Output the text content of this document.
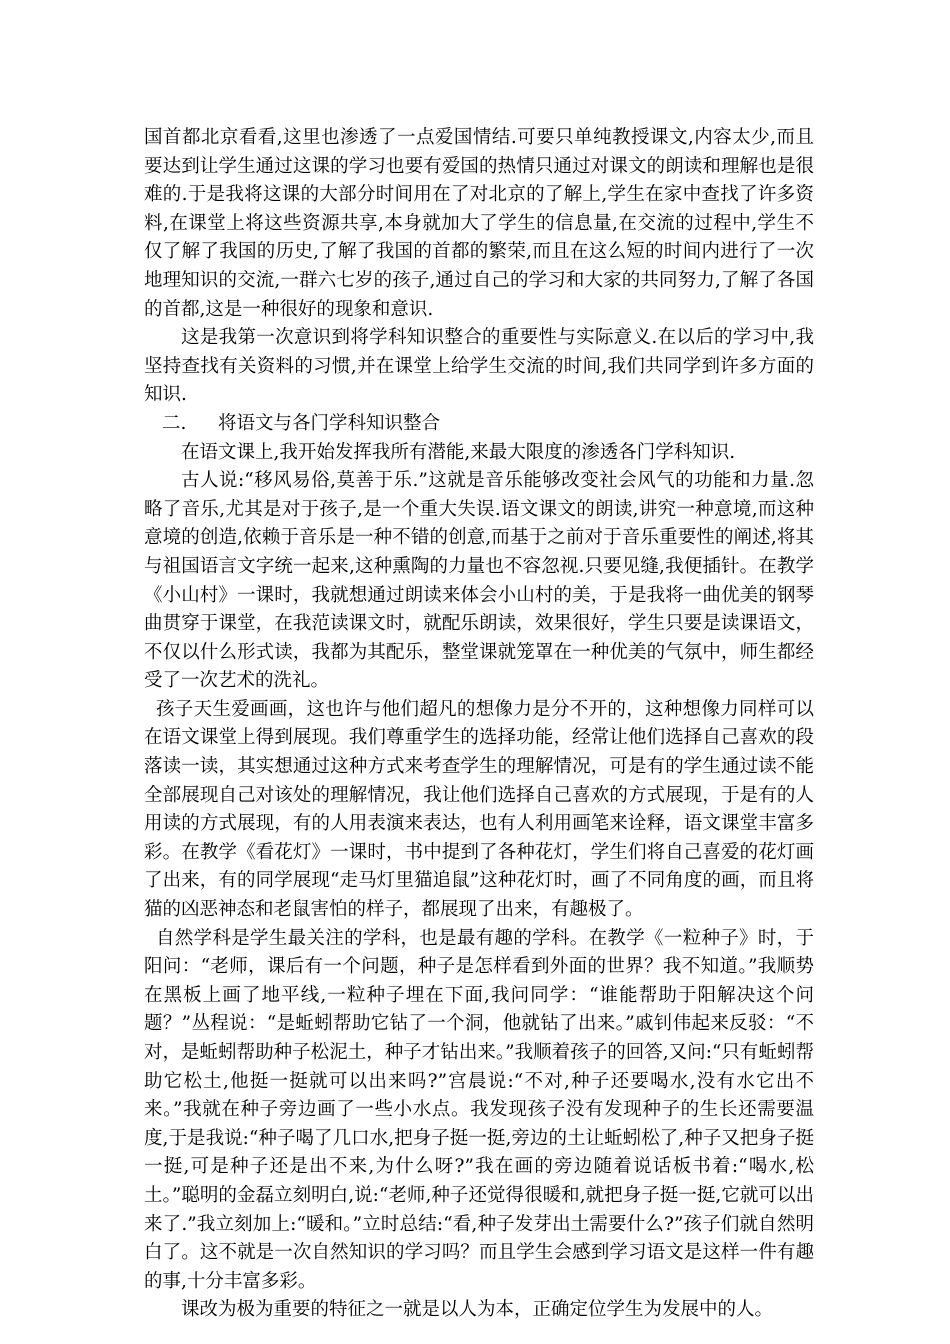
国首都北京看看,这里也渗透了一点爱国情结.可要只单纯教授课文,内容太少,而且要达到让学生通过这课的学习也要有爱国的热情只通过对课文的朗读和理解也是很难的.于是我将这课的大部分时间用在了对北京的了解上,学生在家中查找了许多资料,在课堂上将这些资源共享,本身就加大了学生的信息量,在交流的过程中,学生不仅了解了我国的历史,了解了我国的首都的繁荣,而且在这么短的时间内进行了一次地理知识的交流,一群六七岁的孩子,通过自己的学习和大家的共同努力,了解了各国的首都,这是一种很好的现象和意识.

这是我第一次意识到将学科知识整合的重要性与实际意义.在以后的学习中,我坚持查找有关资料的习惯,并在课堂上给学生交流的时间,我们共同学到许多方面的知识.

二. 将语文与各门学科知识整合

在语文课上,我开始发挥我所有潜能,来最大限度的渗透各门学科知识.

古人说:“移风易俗,莫善于乐.”这就是音乐能够改变社会风气的功能和力量.忽略了音乐,尤其是对于孩子,是一个重大失误.语文课文的朗读,讲究一种意境,而这种意境的创造,依赖于音乐是一种不错的创意,而基于之前对于音乐重要性的阐述,将其与祖国语言文字统一起来,这种熏陶的力量也不容忽视.只要见缝,我便插针。在教学《小山村》一课时，我就想通过朗读来体会小山村的美，于是我将一曲优美的钢琴曲贯穿于课堂，在我范读课文时，就配乐朗读，效果很好，学生只要是读课语文，不仅以什么形式读，我都为其配乐，整堂课就笼罩在一种优美的气氛中，师生都经受了一次艺术的洗礼。

孩子天生爱画画，这也许与他们超凡的想像力是分不开的，这种想像力同样可以在语文课堂上得到展现。我们尊重学生的选择功能，经常让他们选择自己喜欢的段落读一读，其实想通过这种方式来考查学生的理解情况，可是有的学生通过读不能全部展现自己对该处的理解情况，我让他们选择自己喜欢的方式展现，于是有的人用读的方式展现，有的人用表演来表达，也有人利用画笔来诠释，语文课堂丰富多彩。在教学《看花灯》一课时，书中提到了各种花灯，学生们将自己喜爱的花灯画了出来，有的同学展现“走马灯里猫追鼠”这种花灯时，画了不同角度的画，而且将猫的凶恶神态和老鼠害怕的样子，都展现了出来，有趣极了。

自然学科是学生最关注的学科，也是最有趣的学科。在教学《一粒种子》时，于阳问：“老师，课后有一个问题，种子是怎样看到外面的世界？我不知道。”我顺势在黑板上画了地平线,一粒种子埋在下面,我问同学：“谁能帮助于阳解决这个问题？”丛程说：“是蚯蚓帮助它钻了一个洞，他就钻了出来。”戚钊伟起来反驳：“不对，是蚯蚓帮助种子松泥土，种子才钻出来。”我顺着孩子的回答,又问:“只有蚯蚓帮助它松土,他挺一挺就可以出来吗?”宫晨说:“不对,种子还要喝水,没有水它出不来。”我就在种子旁边画了一些小水点。我发现孩子没有发现种子的生长还需要温度,于是我说:“种子喝了几口水,把身子挺一挺,旁边的土让蚯蚓松了,种子又把身子挺一挺,可是种子还是出不来,为什么呀?”我在画的旁边随着说话板书着:“喝水,松土。”聪明的金磊立刻明白,说:“老师,种子还觉得很暖和,就把身子挺一挺,它就可以出来了.”我立刻加上:“暖和。”立时总结:“看,种子发芽出土需要什么?”孩子们就自然明白了。这不就是一次自然知识的学习吗？而且学生会感到学习语文是这样一件有趣的事,十分丰富多彩。

课改为极为重要的特征之一就是以人为本，正确定位学生为发展中的人。
